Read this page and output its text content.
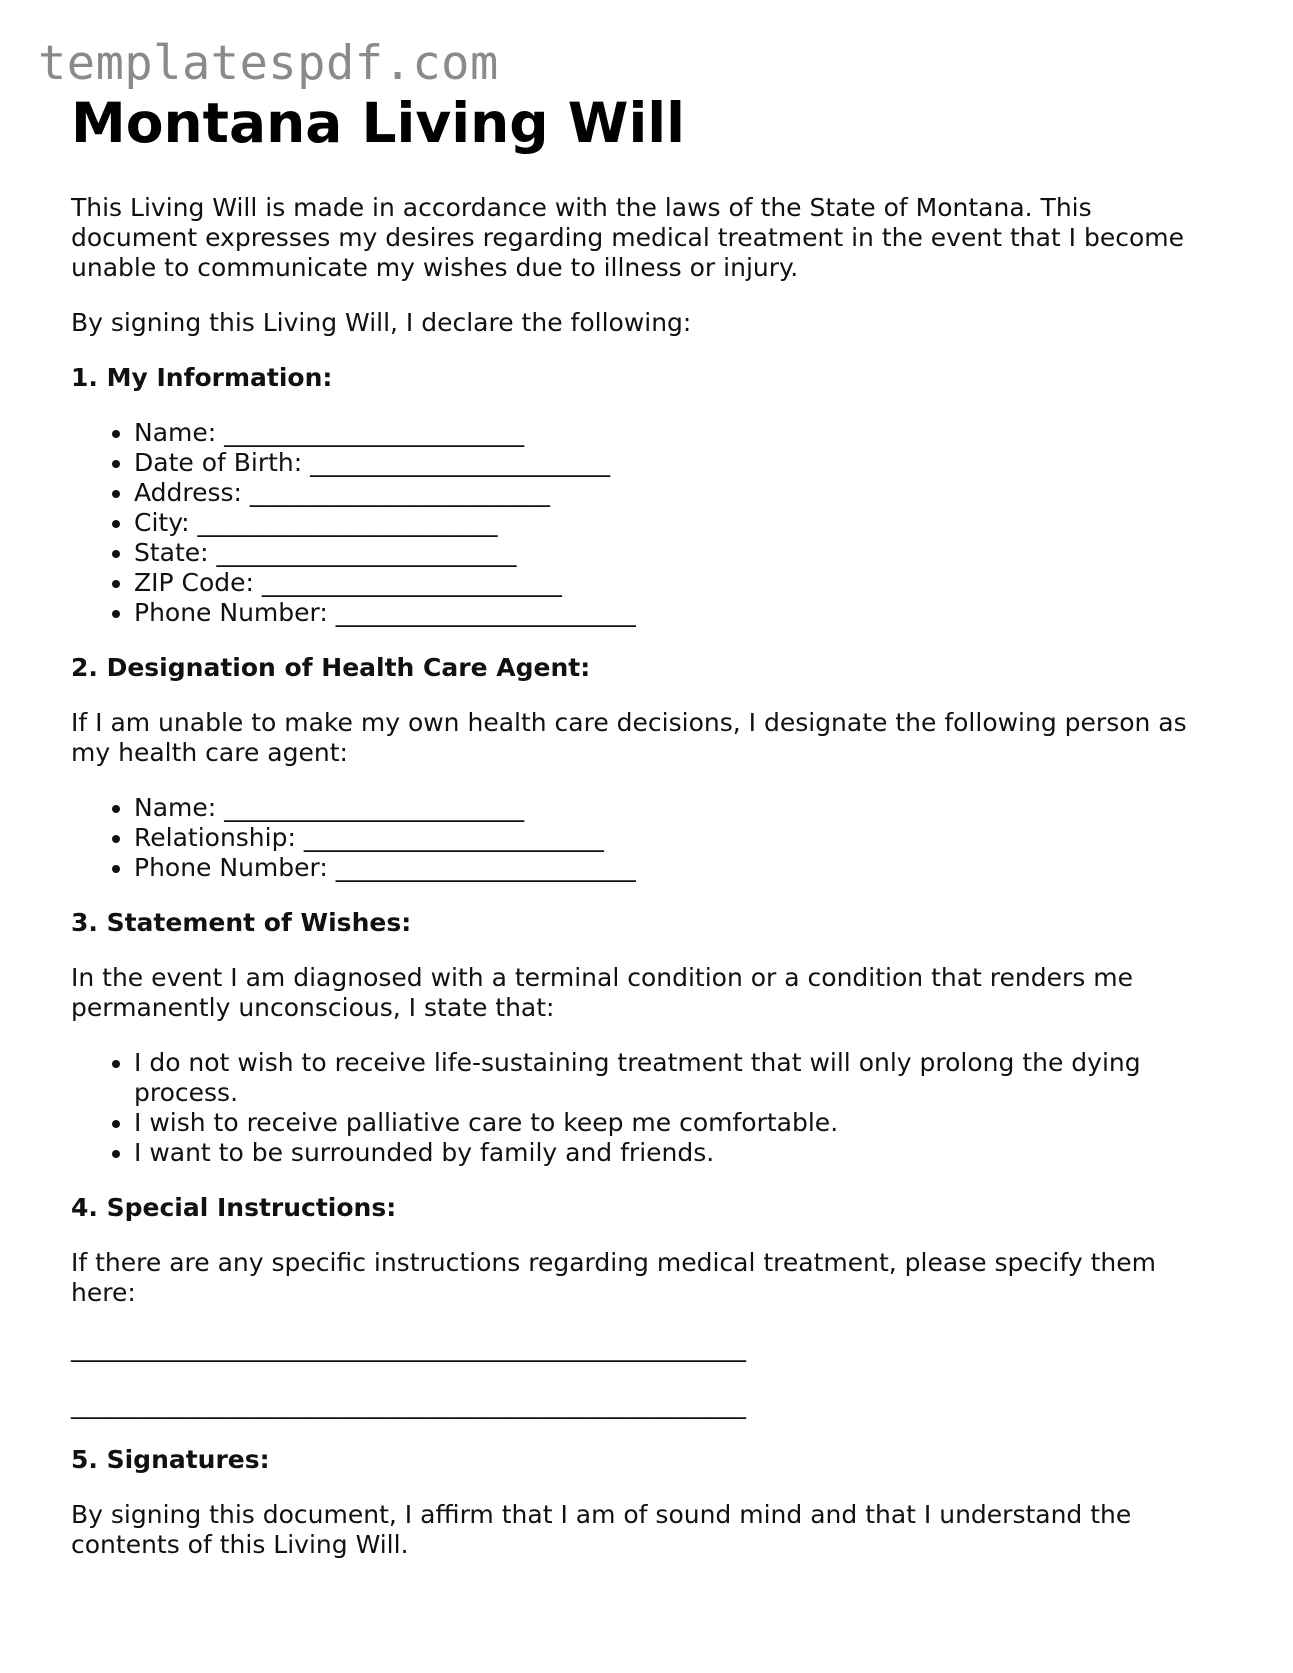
templatespdf.com
Montana Living Will

This Living Will is made in accordance with the laws of the State of Montana. This document expresses my desires regarding medical treatment in the event that I become unable to communicate my wishes due to illness or injury.

By signing this Living Will, I declare the following:

1. My Information:
• Name: ________________________
• Date of Birth: ________________________
• Address: ________________________
• City: ________________________
• State: ________________________
• ZIP Code: ________________________
• Phone Number: ________________________
2. Designation of Health Care Agent:

If I am unable to make my own health care decisions, I designate the following person as my health care agent:

• Name: ________________________
• Relationship: ________________________
• Phone Number: ________________________
3. Statement of Wishes:

In the event I am diagnosed with a terminal condition or a condition that renders me permanently unconscious, I state that:

• I do not wish to receive life-sustaining treatment that will only prolong the dying process.
• I wish to receive palliative care to keep me comfortable.
• I want to be surrounded by family and friends.
4. Special Instructions:

If there are any specific instructions regarding medical treatment, please specify them here:

______________________________________________________
______________________________________________________
5. Signatures:

By signing this document, I affirm that I am of sound mind and that I understand the contents of this Living Will.
